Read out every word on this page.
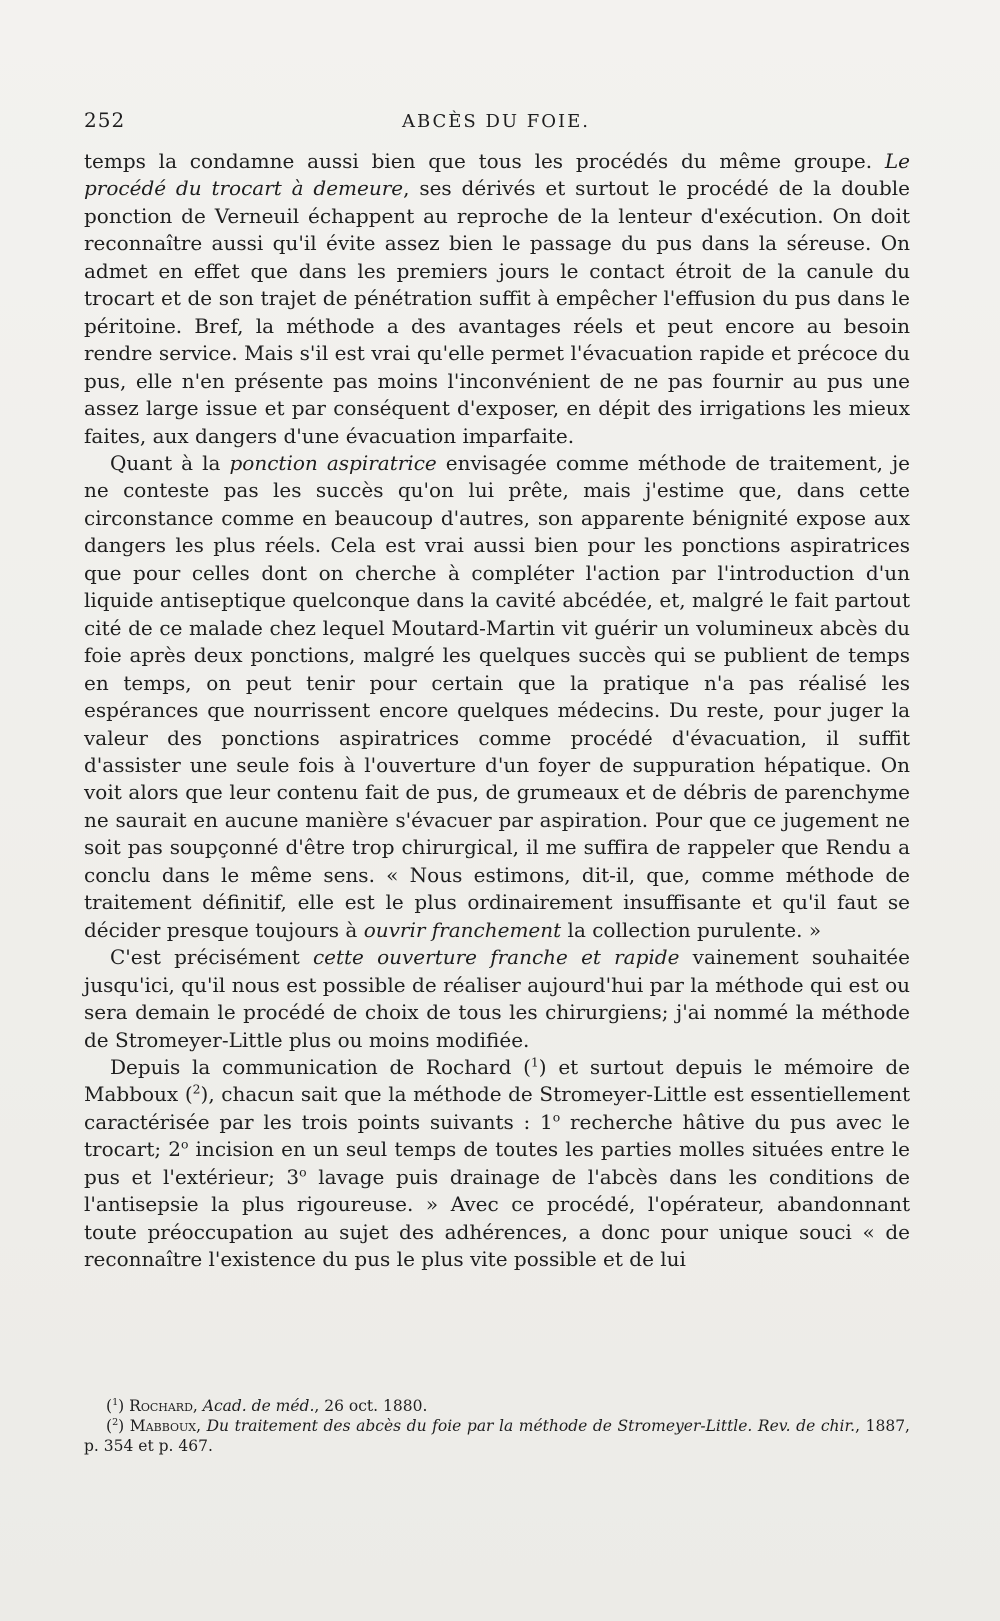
252	ABCÈS DU FOIE.

temps la condamne aussi bien que tous les procédés du même groupe. Le procédé du trocart à demeure, ses dérivés et surtout le procédé de la double ponction de Verneuil échappent au reproche de la lenteur d'exécution. On doit reconnaître aussi qu'il évite assez bien le passage du pus dans la séreuse. On admet en effet que dans les premiers jours le contact étroit de la canule du trocart et de son trajet de pénétration suffit à empêcher l'effusion du pus dans le péritoine. Bref, la méthode a des avantages réels et peut encore au besoin rendre service. Mais s'il est vrai qu'elle permet l'évacuation rapide et précoce du pus, elle n'en présente pas moins l'inconvénient de ne pas fournir au pus une assez large issue et par conséquent d'exposer, en dépit des irrigations les mieux faites, aux dangers d'une évacuation imparfaite.

Quant à la ponction aspiratrice envisagée comme méthode de traitement, je ne conteste pas les succès qu'on lui prête, mais j'estime que, dans cette circonstance comme en beaucoup d'autres, son apparente bénignité expose aux dangers les plus réels. Cela est vrai aussi bien pour les ponctions aspiratrices que pour celles dont on cherche à compléter l'action par l'introduction d'un liquide antiseptique quelconque dans la cavité abcédée, et, malgré le fait partout cité de ce malade chez lequel Moutard-Martin vit guérir un volumineux abcès du foie après deux ponctions, malgré les quelques succès qui se publient de temps en temps, on peut tenir pour certain que la pratique n'a pas réalisé les espérances que nourrissent encore quelques médecins. Du reste, pour juger la valeur des ponctions aspiratrices comme procédé d'évacuation, il suffit d'assister une seule fois à l'ouverture d'un foyer de suppuration hépatique. On voit alors que leur contenu fait de pus, de grumeaux et de débris de parenchyme ne saurait en aucune manière s'évacuer par aspiration. Pour que ce jugement ne soit pas soupçonné d'être trop chirurgical, il me suffira de rappeler que Rendu a conclu dans le même sens. « Nous estimons, dit-il, que, comme méthode de traitement définitif, elle est le plus ordinairement insuffisante et qu'il faut se décider presque toujours à ouvrir franchement la collection purulente. »

C'est précisément cette ouverture franche et rapide vainement souhaitée jusqu'ici, qu'il nous est possible de réaliser aujourd'hui par la méthode qui est ou sera demain le procédé de choix de tous les chirurgiens; j'ai nommé la méthode de Stromeyer-Little plus ou moins modifiée.

Depuis la communication de Rochard ($^1$) et surtout depuis le mémoire de Mabboux ($^2$), chacun sait que la méthode de Stromeyer-Little est essentiellement caractérisée par les trois points suivants : 1$^o$ recherche hâtive du pus avec le trocart; 2$^o$ incision en un seul temps de toutes les parties molles situées entre le pus et l'extérieur; 3$^o$ lavage puis drainage de l'abcès dans les conditions de l'antisepsie la plus rigoureuse. » Avec ce procédé, l'opérateur, abandonnant toute préoccupation au sujet des adhérences, a donc pour unique souci « de reconnaître l'existence du pus le plus vite possible et de lui

($^1$) Rochard, Acad. de méd., 26 oct. 1880.

($^2$) Mabboux, Du traitement des abcès du foie par la méthode de Stromeyer-Little. Rev. de chir., 1887, p. 354 et p. 467.
